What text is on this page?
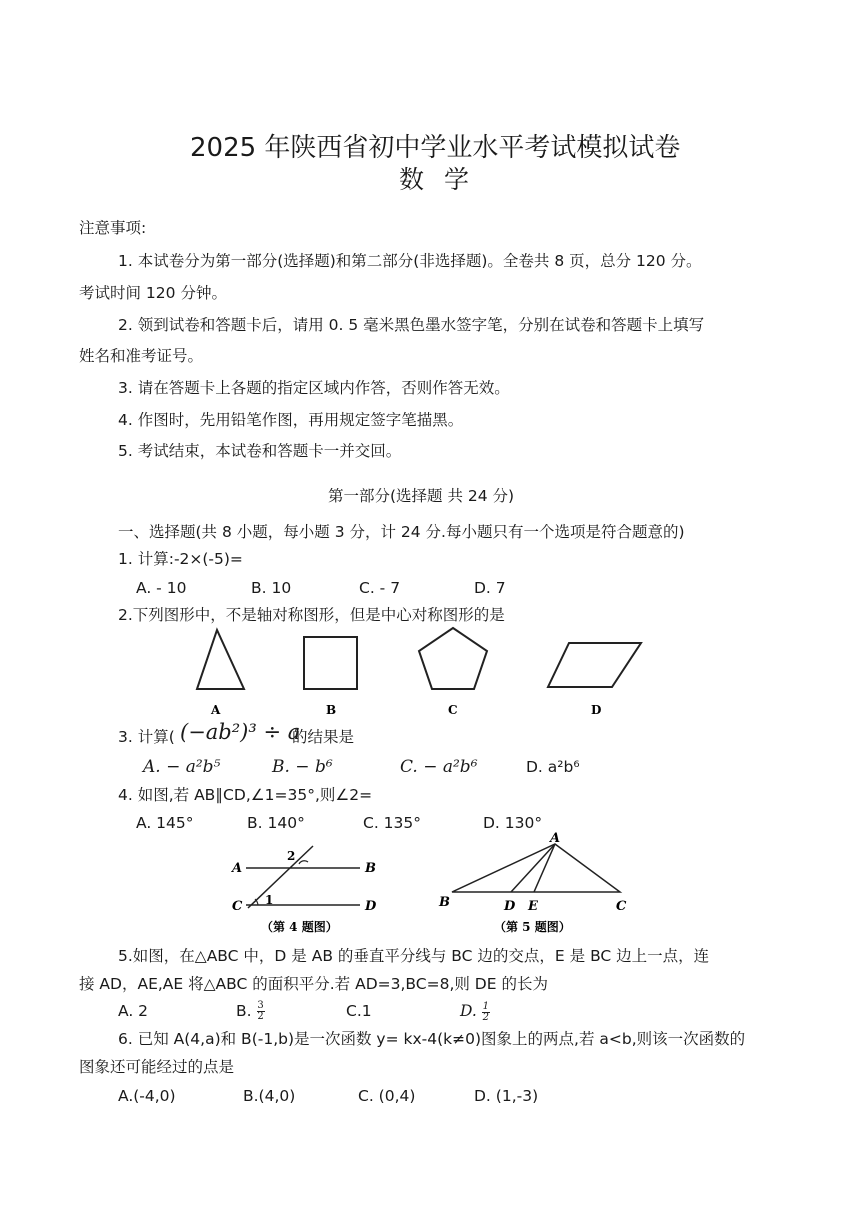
2025 年陕西省初中学业水平考试模拟试卷
数 学
注意事项:
1. 本试卷分为第一部分(选择题)和第二部分(非选择题)。全卷共 8 页，总分 120 分。
考试时间 120 分钟。
2. 领到试卷和答题卡后，请用 0. 5 毫米黑色墨水签字笔，分别在试卷和答题卡上填写
姓名和准考证号。
3. 请在答题卡上各题的指定区域内作答，否则作答无效。
4. 作图时，先用铅笔作图，再用规定签字笔描黑。
5. 考试结束，本试卷和答题卡一并交回。
第一部分(选择题 共 24 分)
一、选择题(共 8 小题，每小题 3 分，计 24 分.每小题只有一个选项是符合题意的)
1. 计算:-2×(-5)=
A. - 10	B. 10	C. - 7	D. 7
2.下列图形中，不是轴对称图形，但是中心对称图形的是
A	B	C	D
3. 计算( (−ab²)³ ÷ a
的结果是
A. − a²b⁵	B. − b⁶	C. − a²b⁶	D. a²b⁶
4. 如图,若 AB∥CD,∠1=35°,则∠2=
A. 145°	B. 140°	C. 135°	D. 130°
A	B
C	D
2
1
（第 4 题图）
A
B	D E	C
（第 5 题图）
5.如图，在△ABC 中，D 是 AB 的垂直平分线与 BC 边的交点，E 是 BC 边上一点，连
接 AD，AE,AE 将△ABC 的面积平分.若 AD=3,BC=8,则 DE 的长为
A. 2	B. $\frac{3}{2}$	C.1	D. $\frac{1}{2}$
6. 已知 A(4,a)和 B(-1,b)是一次函数 y= kx-4(k≠0)图象上的两点,若 a<b,则该一次函数的
图象还可能经过的点是
A.(-4,0)	B.(4,0)	C. (0,4)	D. (1,-3)
